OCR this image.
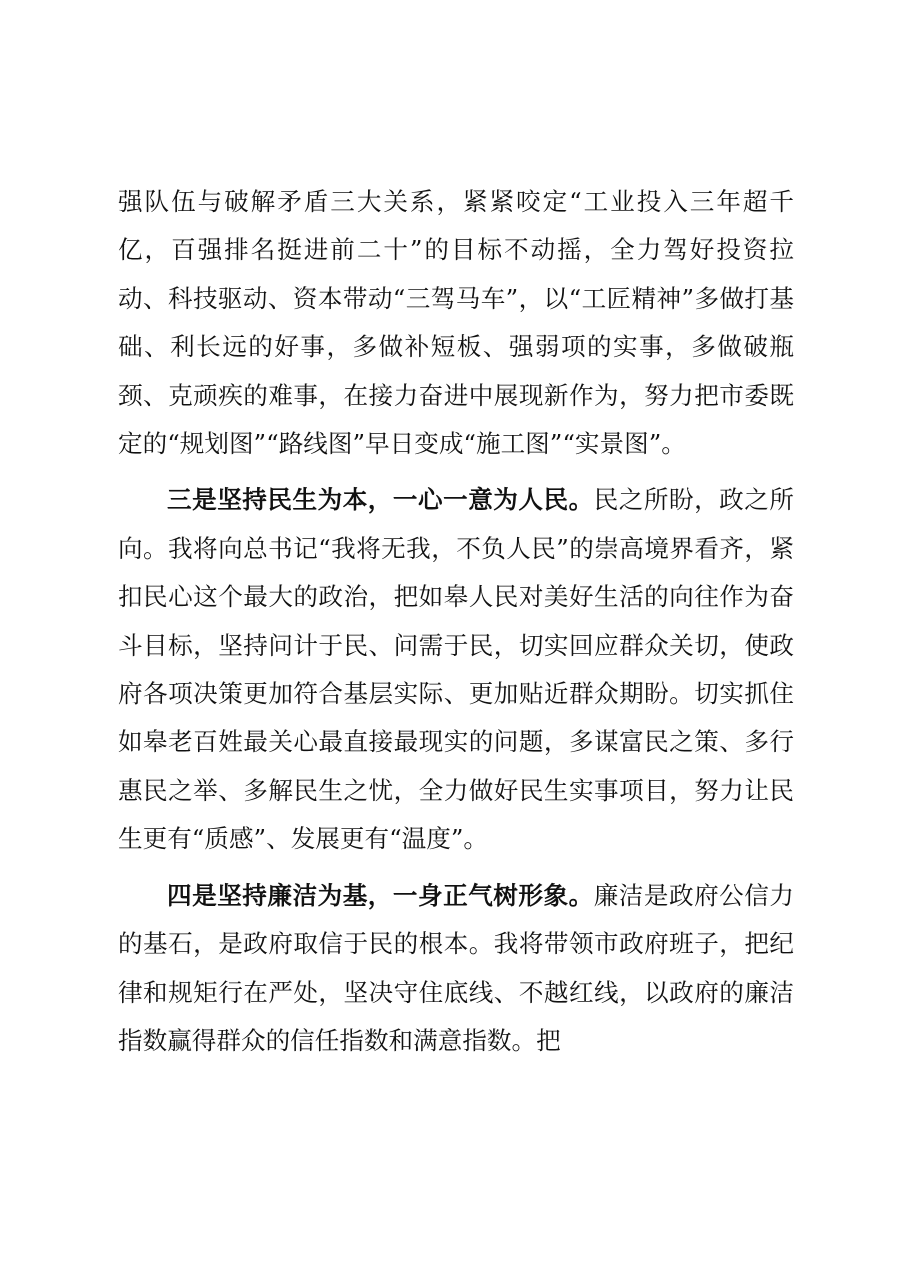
强队伍与破解矛盾三大关系，紧紧咬定“工业投入三年超千亿，百强排名挺进前二十”的目标不动摇，全力驾好投资拉动、科技驱动、资本带动“三驾马车”，以“工匠精神”多做打基础、利长远的好事，多做补短板、强弱项的实事，多做破瓶颈、克顽疾的难事，在接力奋进中展现新作为，努力把市委既定的“规划图”“路线图”早日变成“施工图”“实景图”。

三是坚持民生为本，一心一意为人民。民之所盼，政之所向。我将向总书记“我将无我，不负人民”的崇高境界看齐，紧扣民心这个最大的政治，把如皋人民对美好生活的向往作为奋斗目标，坚持问计于民、问需于民，切实回应群众关切，使政府各项决策更加符合基层实际、更加贴近群众期盼。切实抓住如皋老百姓最关心最直接最现实的问题，多谋富民之策、多行惠民之举、多解民生之忧，全力做好民生实事项目，努力让民生更有“质感”、发展更有“温度”。

四是坚持廉洁为基，一身正气树形象。廉洁是政府公信力的基石，是政府取信于民的根本。我将带领市政府班子，把纪律和规矩行在严处，坚决守住底线、不越红线，以政府的廉洁指数赢得群众的信任指数和满意指数。把
